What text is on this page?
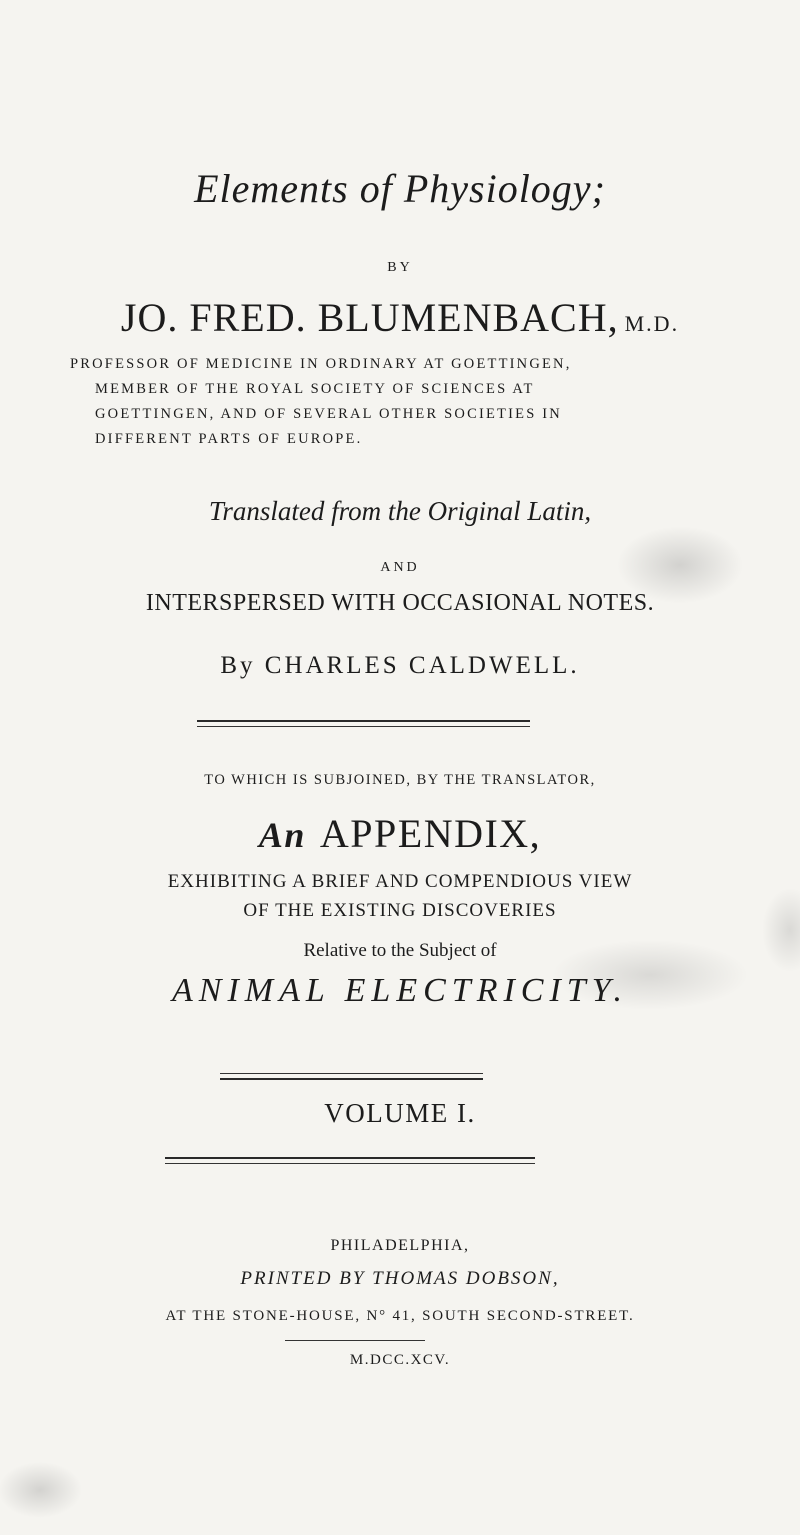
Elements of Physiology;
BY
JO. FRED. BLUMENBACH, M.D.
PROFESSOR OF MEDICINE IN ORDINARY AT GOETTINGEN,
MEMBER OF THE ROYAL SOCIETY OF SCIENCES AT
GOETTINGEN, AND OF SEVERAL OTHER SOCIETIES IN
DIFFERENT PARTS OF EUROPE.
Translated from the Original Latin,
AND
INTERSPERSED WITH OCCASIONAL NOTES.
By CHARLES CALDWELL.
TO WHICH IS SUBJOINED, BY THE TRANSLATOR,
An APPENDIX,
EXHIBITING A BRIEF AND COMPENDIOUS VIEW
OF THE EXISTING DISCOVERIES
Relative to the Subject of
ANIMAL ELECTRICITY.
VOLUME I.
PHILADELPHIA,
PRINTED BY THOMAS DOBSON,
AT THE STONE-HOUSE, N° 41, SOUTH SECOND-STREET.
M.DCC.XCV.
